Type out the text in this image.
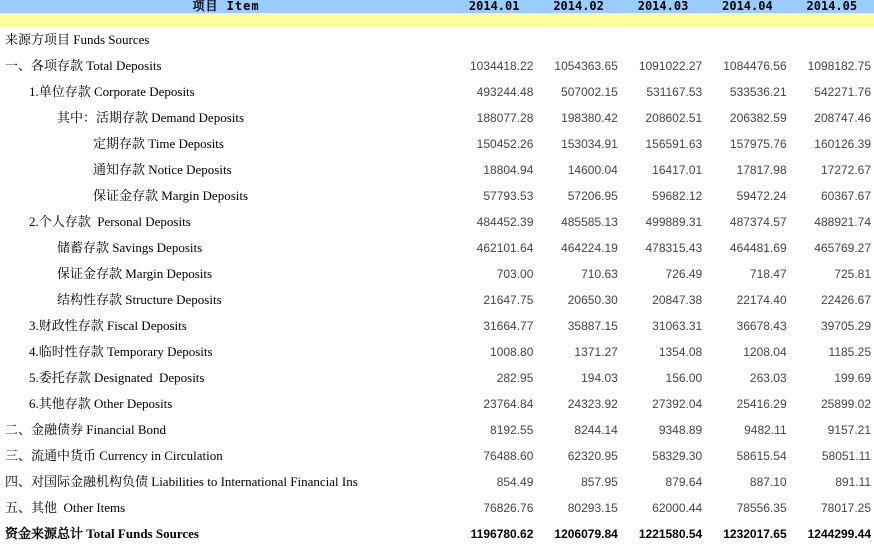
项目 Item	2014.01	2014.02	2014.03	2014.04	2014.05
来源方项目 Funds Sources
一、各项存款 Total Deposits	1034418.22	1054363.65	1091022.27	1084476.56	1098182.75
1.单位存款 Corporate Deposits	493244.48	507002.15	531167.53	533536.21	542271.76
其中：活期存款 Demand Deposits	188077.28	198380.42	208602.51	206382.59	208747.46
定期存款 Time Deposits	150452.26	153034.91	156591.63	157975.76	160126.39
通知存款 Notice Deposits	18804.94	14600.04	16417.01	17817.98	17272.67
保证金存款 Margin Deposits	57793.53	57206.95	59682.12	59472.24	60367.67
2.个人存款  Personal Deposits	484452.39	485585.13	499889.31	487374.57	488921.74
储蓄存款 Savings Deposits	462101.64	464224.19	478315.43	464481.69	465769.27
保证金存款 Margin Deposits	703.00	710.63	726.49	718.47	725.81
结构性存款 Structure Deposits	21647.75	20650.30	20847.38	22174.40	22426.67
3.财政性存款 Fiscal Deposits	31664.77	35887.15	31063.31	36678.43	39705.29
4.临时性存款 Temporary Deposits	1008.80	1371.27	1354.08	1208.04	1185.25
5.委托存款 Designated  Deposits	282.95	194.03	156.00	263.03	199.69
6.其他存款 Other Deposits	23764.84	24323.92	27392.04	25416.29	25899.02
二、金融债券 Financial Bond	8192.55	8244.14	9348.89	9482.11	9157.21
三、流通中货币 Currency in Circulation	76488.60	62320.95	58329.30	58615.54	58051.11
四、对国际金融机构负债 Liabilities to International Financial Ins	854.49	857.95	879.64	887.10	891.11
五、其他  Other Items	76826.76	80293.15	62000.44	78556.35	78017.25
资金来源总计 Total Funds Sources	1196780.62	1206079.84	1221580.54	1232017.65	1244299.44
